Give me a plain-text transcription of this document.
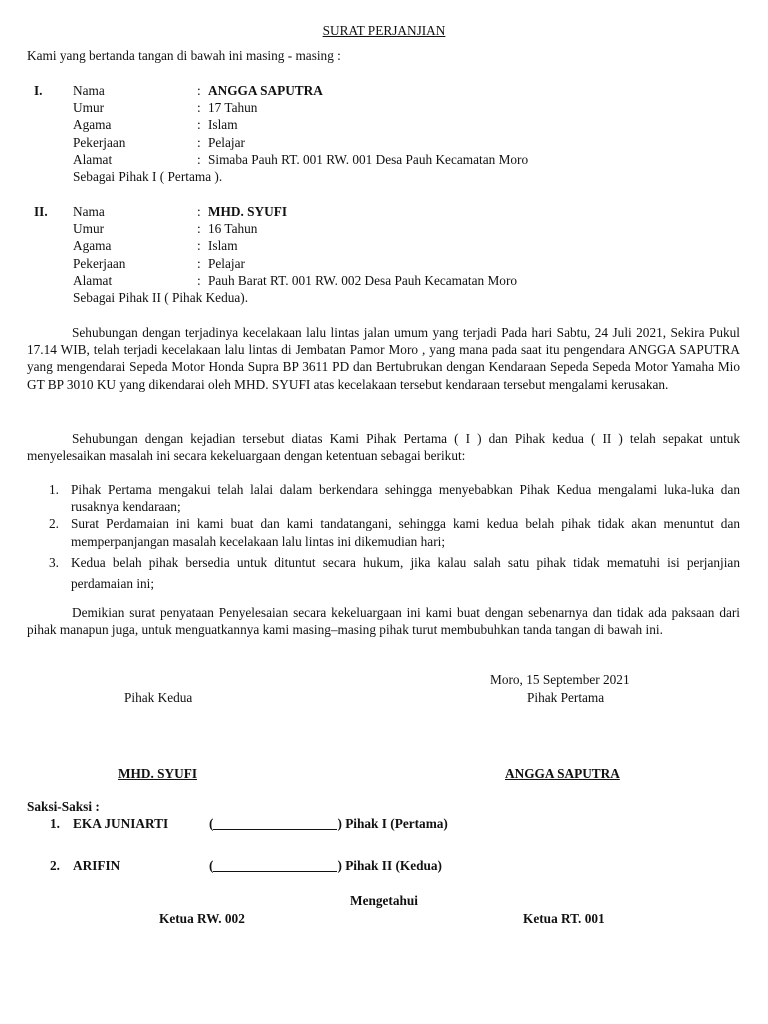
SURAT PERJANJIAN
Kami yang bertanda tangan di bawah ini masing - masing :
I. Nama	: ANGGA SAPUTRA
Umur	: 17 Tahun
Agama	: Islam
Pekerjaan	: Pelajar
Alamat	: Simaba Pauh RT. 001 RW. 001 Desa Pauh Kecamatan Moro
Sebagai Pihak I ( Pertama ).
II. Nama	: MHD. SYUFI
Umur	: 16 Tahun
Agama	: Islam
Pekerjaan	: Pelajar
Alamat	: Pauh Barat RT. 001 RW. 002 Desa Pauh Kecamatan Moro
Sebagai Pihak II ( Pihak Kedua).

Sehubungan dengan terjadinya kecelakaan lalu lintas jalan umum yang terjadi Pada hari Sabtu, 24 Juli 2021, Sekira Pukul 17.14 WIB, telah terjadi kecelakaan lalu lintas di Jembatan Pamor Moro , yang mana pada saat itu pengendara ANGGA SAPUTRA yang mengendarai Sepeda Motor Honda Supra BP 3611 PD dan Bertubrukan dengan Kendaraan Sepeda Sepeda Motor Yamaha Mio GT BP 3010 KU yang dikendarai oleh MHD. SYUFI atas kecelakaan tersebut kendaraan tersebut mengalami kerusakan.

Sehubungan dengan kejadian tersebut diatas Kami Pihak Pertama ( I ) dan Pihak kedua ( II ) telah sepakat untuk menyelesaikan masalah ini secara kekeluargaan dengan ketentuan sebagai berikut:

1. Pihak Pertama mengakui telah lalai dalam berkendara sehingga menyebabkan Pihak Kedua mengalami luka-luka dan rusaknya kendaraan;
2. Surat Perdamaian ini kami buat dan kami tandatangani, sehingga kami kedua belah pihak tidak akan menuntut dan memperpanjangan masalah kecelakaan lalu lintas ini dikemudian hari;
3. Kedua belah pihak bersedia untuk dituntut secara hukum, jika kalau salah satu pihak tidak mematuhi isi perjanjian perdamaian ini;

Demikian surat penyataan Penyelesaian secara kekeluargaan ini kami buat dengan sebenarnya dan tidak ada paksaan dari pihak manapun juga, untuk menguatkannya kami masing–masing pihak turut membubuhkan tanda tangan di bawah ini.

Moro, 15 September 2021
Pihak Kedua	Pihak Pertama
MHD. SYUFI	ANGGA SAPUTRA
Saksi-Saksi :
1. EKA JUNIARTI	(	) Pihak I (Pertama)
2. ARIFIN	(	) Pihak II (Kedua)
Mengetahui
Ketua RW. 002	Ketua RT. 001
